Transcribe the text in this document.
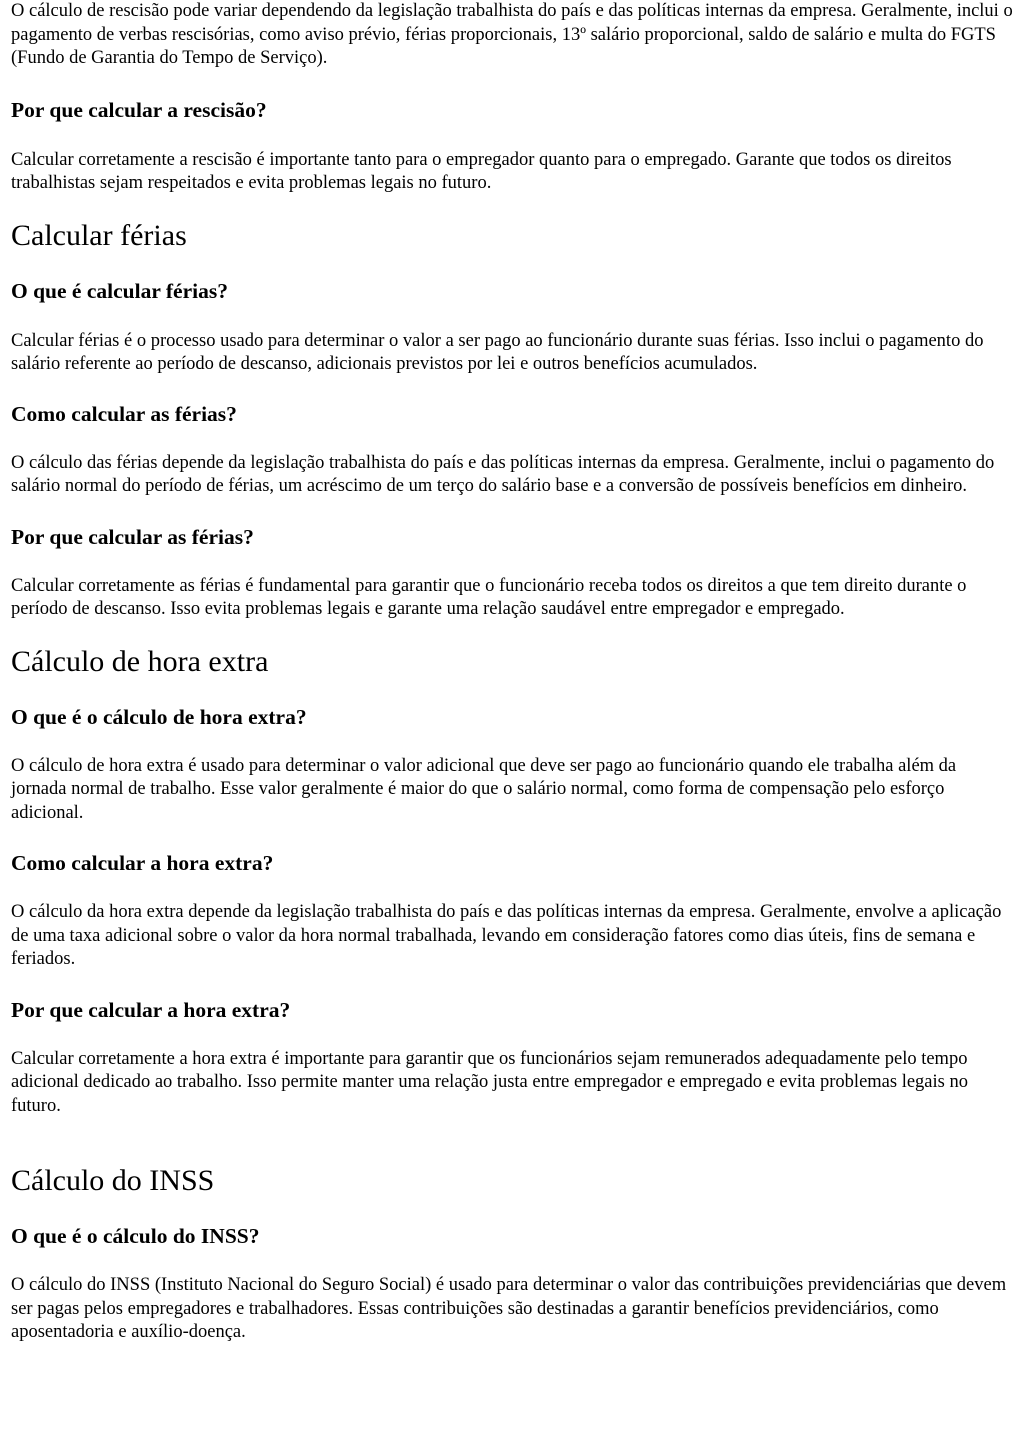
O cálculo de rescisão pode variar dependendo da legislação trabalhista do país e das políticas internas da empresa. Geralmente, inclui o pagamento de verbas rescisórias, como aviso prévio, férias proporcionais, 13º salário proporcional, saldo de salário e multa do FGTS (Fundo de Garantia do Tempo de Serviço).

Por que calcular a rescisão?

Calcular corretamente a rescisão é importante tanto para o empregador quanto para o empregado. Garante que todos os direitos trabalhistas sejam respeitados e evita problemas legais no futuro.

Calcular férias
O que é calcular férias?

Calcular férias é o processo usado para determinar o valor a ser pago ao funcionário durante suas férias. Isso inclui o pagamento do salário referente ao período de descanso, adicionais previstos por lei e outros benefícios acumulados.

Como calcular as férias?

O cálculo das férias depende da legislação trabalhista do país e das políticas internas da empresa. Geralmente, inclui o pagamento do salário normal do período de férias, um acréscimo de um terço do salário base e a conversão de possíveis benefícios em dinheiro.

Por que calcular as férias?

Calcular corretamente as férias é fundamental para garantir que o funcionário receba todos os direitos a que tem direito durante o período de descanso. Isso evita problemas legais e garante uma relação saudável entre empregador e empregado.

Cálculo de hora extra
O que é o cálculo de hora extra?

O cálculo de hora extra é usado para determinar o valor adicional que deve ser pago ao funcionário quando ele trabalha além da jornada normal de trabalho. Esse valor geralmente é maior do que o salário normal, como forma de compensação pelo esforço adicional.

Como calcular a hora extra?

O cálculo da hora extra depende da legislação trabalhista do país e das políticas internas da empresa. Geralmente, envolve a aplicação de uma taxa adicional sobre o valor da hora normal trabalhada, levando em consideração fatores como dias úteis, fins de semana e feriados.

Por que calcular a hora extra?

Calcular corretamente a hora extra é importante para garantir que os funcionários sejam remunerados adequadamente pelo tempo adicional dedicado ao trabalho. Isso permite manter uma relação justa entre empregador e empregado e evita problemas legais no futuro.

Cálculo do INSS
O que é o cálculo do INSS?

O cálculo do INSS (Instituto Nacional do Seguro Social) é usado para determinar o valor das contribuições previdenciárias que devem ser pagas pelos empregadores e trabalhadores. Essas contribuições são destinadas a garantir benefícios previdenciários, como aposentadoria e auxílio-doença.
